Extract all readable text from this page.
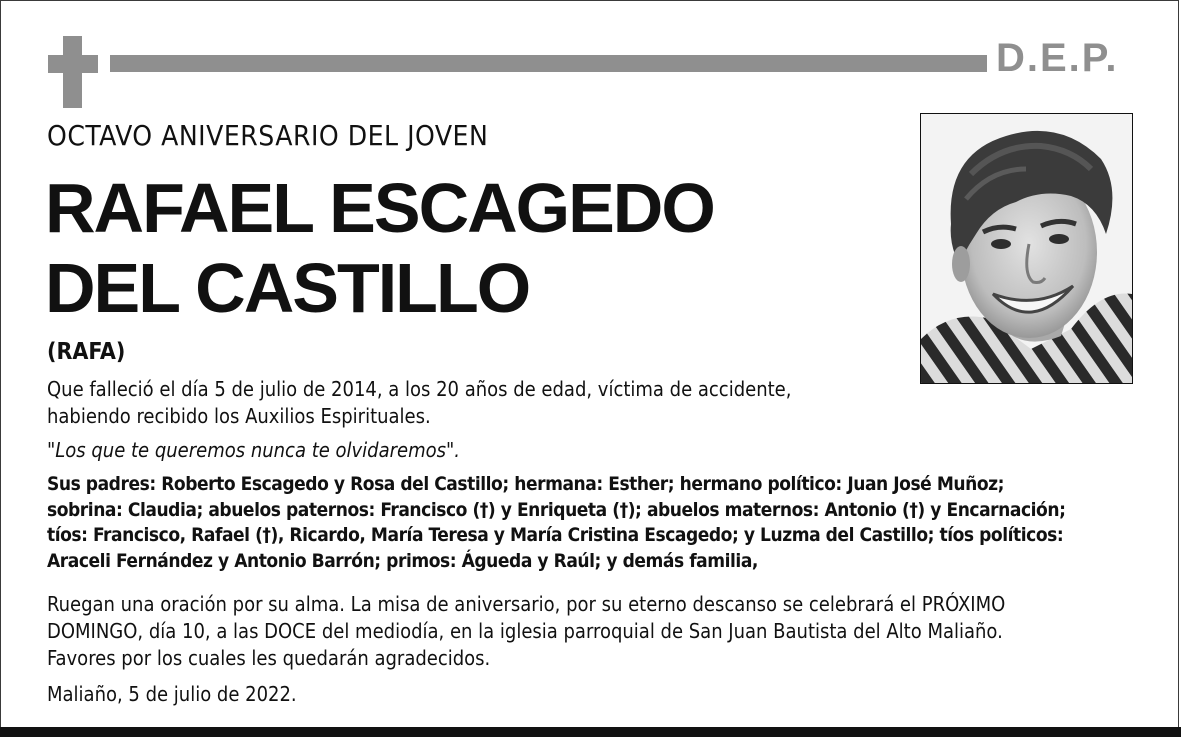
D.E.P.
OCTAVO ANIVERSARIO DEL JOVEN
RAFAEL ESCAGEDO
DEL CASTILLO
(RAFA)
Que falleció el día 5 de julio de 2014, a los 20 años de edad, víctima de accidente,
habiendo recibido los Auxilios Espirituales.
"Los que te queremos nunca te olvidaremos".
Sus padres: Roberto Escagedo y Rosa del Castillo; hermana: Esther; hermano político: Juan José Muñoz;
sobrina: Claudia; abuelos paternos: Francisco (†) y Enriqueta (†); abuelos maternos: Antonio (†) y Encarnación;
tíos: Francisco, Rafael (†), Ricardo, María Teresa y María Cristina Escagedo; y Luzma del Castillo; tíos políticos:
Araceli Fernández y Antonio Barrón; primos: Águeda y Raúl; y demás familia,
Ruegan una oración por su alma. La misa de aniversario, por su eterno descanso se celebrará el PRÓXIMO
DOMINGO, día 10, a las DOCE del mediodía, en la iglesia parroquial de San Juan Bautista del Alto Maliaño.
Favores por los cuales les quedarán agradecidos.
Maliaño, 5 de julio de 2022.
